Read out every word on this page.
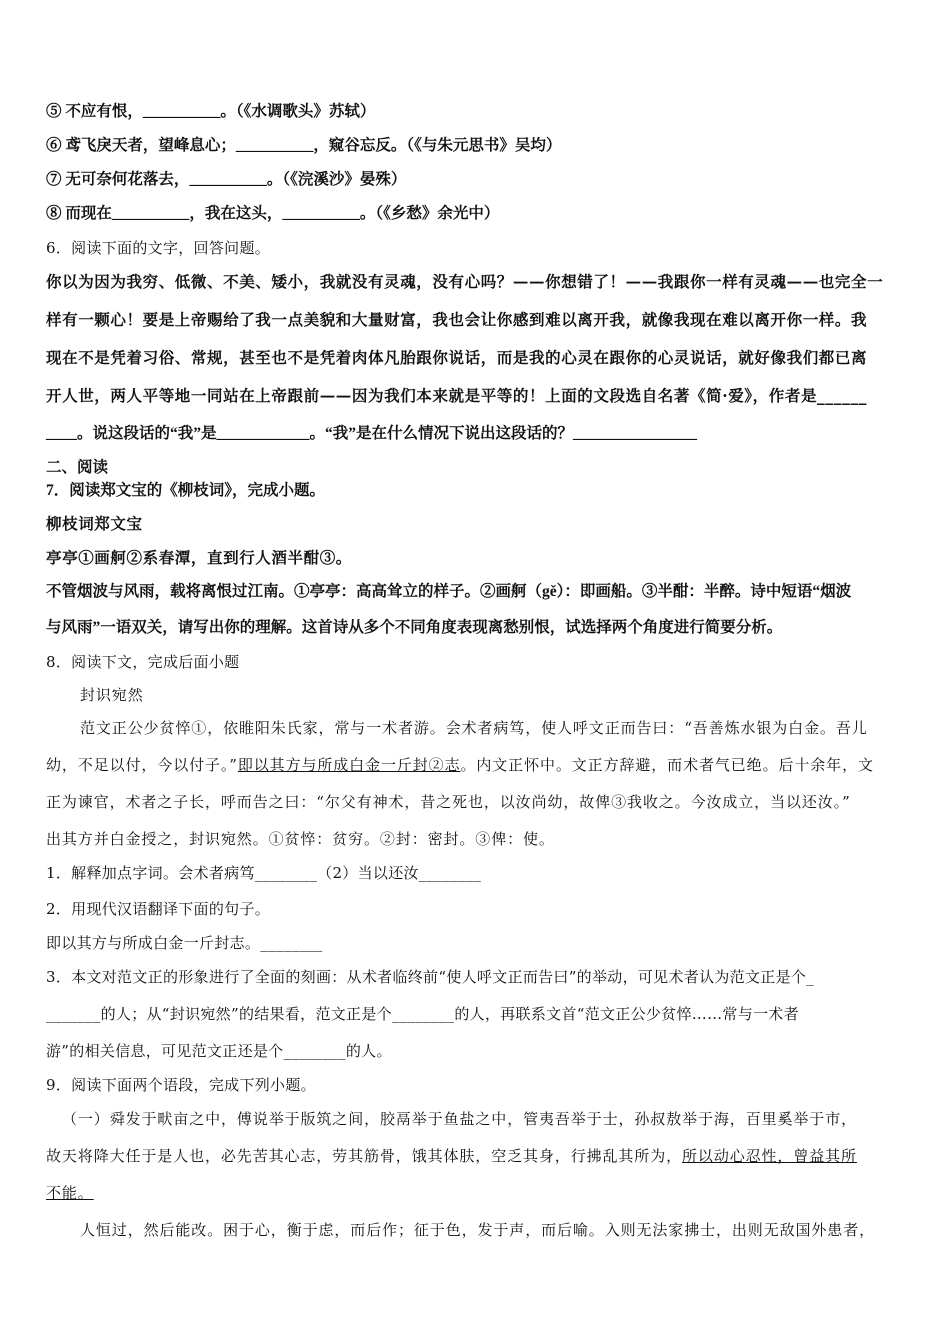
⑤ 不应有恨，__________。（《水调歌头》苏轼）
⑥ 鸢飞戾天者，望峰息心；__________，窥谷忘反。（《与朱元思书》吴均）
⑦ 无可奈何花落去，__________。（《浣溪沙》晏殊）
⑧ 而现在__________，我在这头，__________。（《乡愁》余光中）
6．阅读下面的文字，回答问题。
你以为因为我穷、低微、不美、矮小，我就没有灵魂，没有心吗？——你想错了！——我跟你一样有灵魂——也完全一
样有一颗心！要是上帝赐给了我一点美貌和大量财富，我也会让你感到难以离开我，就像我现在难以离开你一样。我
现在不是凭着习俗、常规，甚至也不是凭着肉体凡胎跟你说话，而是我的心灵在跟你的心灵说话，就好像我们都已离
开人世，两人平等地一同站在上帝跟前——因为我们本来就是平等的！上面的文段选自名著《简·爱》，作者是______
____。说这段话的“我”是____________。“我”是在什么情况下说出这段话的？________________
二、阅读
7．阅读郑文宝的《柳枝词》，完成小题。
柳枝词郑文宝
亭亭①画舸②系春潭，直到行人酒半酣③。
不管烟波与风雨，载将离恨过江南。①亭亭：高高耸立的样子。②画舸（gě）：即画船。③半酣：半醉。诗中短语“烟波
与风雨”一语双关，请写出你的理解。这首诗从多个不同角度表现离愁别恨，试选择两个角度进行简要分析。
8．阅读下文，完成后面小题
封识宛然
范文正公少贫悴①，依睢阳朱氏家，常与一术者游。会术者病笃，使人呼文正而告曰：“吾善炼水银为白金。吾儿
幼，不足以付，今以付子。”即以其方与所成白金一斤封②志。内文正怀中。文正方辞避，而术者气已绝。后十余年，文
正为谏官，术者之子长，呼而告之曰：“尔父有神术，昔之死也，以汝尚幼，故俾③我收之。今汝成立，当以还汝。”
出其方并白金授之，封识宛然。①贫悴：贫穷。②封：密封。③俾：使。
1．解释加点字词。会术者病笃________（2）当以还汝________
2．用现代汉语翻译下面的句子。
即以其方与所成白金一斤封志。________
3．本文对范文正的形象进行了全面的刻画：从术者临终前“使人呼文正而告曰”的举动，可见术者认为范文正是个_
_______的人；从“封识宛然”的结果看，范文正是个________的人，再联系文首“范文正公少贫悴……常与一术者
游”的相关信息，可见范文正还是个________的人。
9．阅读下面两个语段，完成下列小题。
（一）舜发于畎亩之中，傅说举于版筑之间，胶鬲举于鱼盐之中，管夷吾举于士，孙叔敖举于海，百里奚举于市，
故天将降大任于是人也，必先苦其心志，劳其筋骨，饿其体肤，空乏其身，行拂乱其所为，所以动心忍性，曾益其所
不能。
人恒过，然后能改。困于心，衡于虑，而后作；征于色，发于声，而后喻。入则无法家拂士，出则无敌国外患者，
